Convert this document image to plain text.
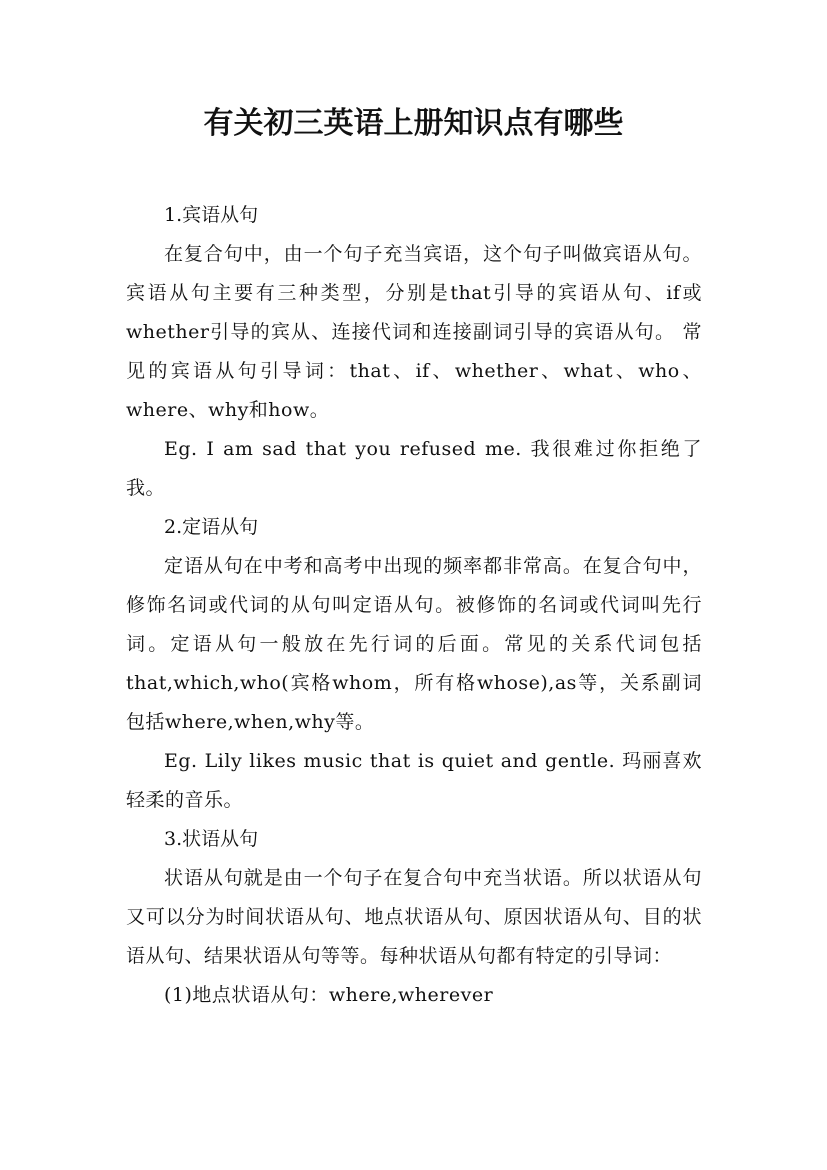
有关初三英语上册知识点有哪些

1.宾语从句

在复合句中，由一个句子充当宾语，这个句子叫做宾语从句。宾语从句主要有三种类型，分别是that引导的宾语从句、if或whether引导的宾从、连接代词和连接副词引导的宾语从句。 常见的宾语从句引导词：that、if、whether、what、who、where、why和how。

Eg. I am sad that you refused me. 我很难过你拒绝了我。

2.定语从句

定语从句在中考和高考中出现的频率都非常高。在复合句中，修饰名词或代词的从句叫定语从句。被修饰的名词或代词叫先行词。定语从句一般放在先行词的后面。常见的关系代词包括that,which,who(宾格whom，所有格whose),as等，关系副词包括where,when,why等。

Eg. Lily likes music that is quiet and gentle. 玛丽喜欢轻柔的音乐。

3.状语从句

状语从句就是由一个句子在复合句中充当状语。所以状语从句又可以分为时间状语从句、地点状语从句、原因状语从句、目的状语从句、结果状语从句等等。每种状语从句都有特定的引导词：

(1)地点状语从句：where,wherever
